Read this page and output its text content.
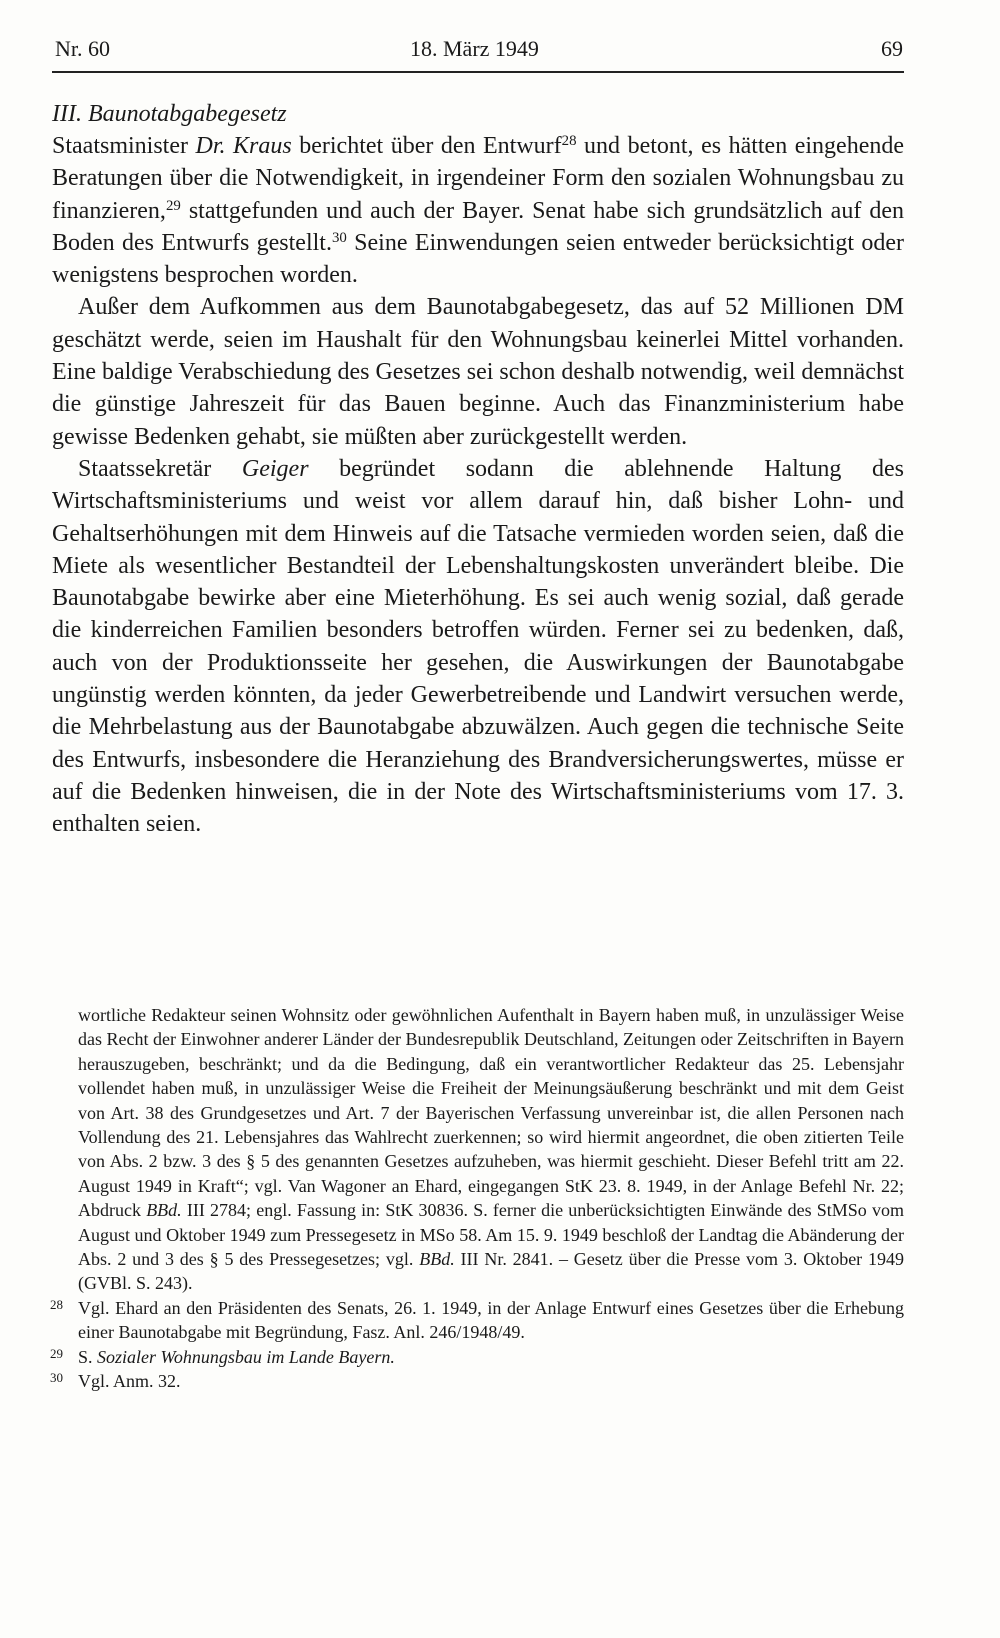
Nr. 60	18. März 1949	69
III. Baunotabgabegesetz

Staatsminister Dr. Kraus berichtet über den Entwurf$^{28}$ und betont, es hätten eingehende Beratungen über die Notwendigkeit, in irgendeiner Form den sozialen Wohnungsbau zu finanzieren,$^{29}$ stattgefunden und auch der Bayer. Senat habe sich grundsätzlich auf den Boden des Entwurfs gestellt.$^{30}$ Seine Einwendungen seien entweder berücksichtigt oder wenigstens besprochen worden.

Außer dem Aufkommen aus dem Baunotabgabegesetz, das auf 52 Millionen DM geschätzt werde, seien im Haushalt für den Wohnungsbau keinerlei Mittel vorhanden. Eine baldige Verabschiedung des Gesetzes sei schon deshalb notwendig, weil demnächst die günstige Jahreszeit für das Bauen beginne. Auch das Finanzministerium habe gewisse Bedenken gehabt, sie müßten aber zurückgestellt werden.

Staatssekretär Geiger begründet sodann die ablehnende Haltung des Wirtschaftsministeriums und weist vor allem darauf hin, daß bisher Lohn- und Gehaltserhöhungen mit dem Hinweis auf die Tatsache vermieden worden seien, daß die Miete als wesentlicher Bestandteil der Lebenshaltungskosten unverändert bleibe. Die Baunotabgabe bewirke aber eine Mieterhöhung. Es sei auch wenig sozial, daß gerade die kinderreichen Familien besonders betroffen würden. Ferner sei zu bedenken, daß, auch von der Produktionsseite her gesehen, die Auswirkungen der Baunotabgabe ungünstig werden könnten, da jeder Gewerbetreibende und Landwirt versuchen werde, die Mehrbelastung aus der Baunotabgabe abzuwälzen. Auch gegen die technische Seite des Entwurfs, insbesondere die Heranziehung des Brandversicherungswertes, müsse er auf die Bedenken hinweisen, die in der Note des Wirtschaftsministeriums vom 17. 3. enthalten seien.

wortliche Redakteur seinen Wohnsitz oder gewöhnlichen Aufenthalt in Bayern haben muß, in unzulässiger Weise das Recht der Einwohner anderer Länder der Bundesrepublik Deutschland, Zeitungen oder Zeitschriften in Bayern herauszugeben, beschränkt; und da die Bedingung, daß ein verantwortlicher Redakteur das 25. Lebensjahr vollendet haben muß, in unzulässiger Weise die Freiheit der Meinungsäußerung beschränkt und mit dem Geist von Art. 38 des Grundgesetzes und Art. 7 der Bayerischen Verfassung unvereinbar ist, die allen Personen nach Vollendung des 21. Lebensjahres das Wahlrecht zuerkennen; so wird hiermit angeordnet, die oben zitierten Teile von Abs. 2 bzw. 3 des § 5 des genannten Gesetzes aufzuheben, was hiermit geschieht. Dieser Befehl tritt am 22. August 1949 in Kraft“; vgl. Van Wagoner an Ehard, eingegangen StK 23. 8. 1949, in der Anlage Befehl Nr. 22; Abdruck BBd. III 2784; engl. Fassung in: StK 30836. S. ferner die unberücksichtigten Einwände des StMSo vom August und Oktober 1949 zum Pressegesetz in MSo 58. Am 15. 9. 1949 beschloß der Landtag die Abänderung der Abs. 2 und 3 des § 5 des Pressegesetzes; vgl. BBd. III Nr. 2841. – Gesetz über die Presse vom 3. Oktober 1949 (GVBl. S. 243).

28 Vgl. Ehard an den Präsidenten des Senats, 26. 1. 1949, in der Anlage Entwurf eines Gesetzes über die Erhebung einer Baunotabgabe mit Begründung, Fasz. Anl. 246/1948/49.

29 S. Sozialer Wohnungsbau im Lande Bayern.

30 Vgl. Anm. 32.
